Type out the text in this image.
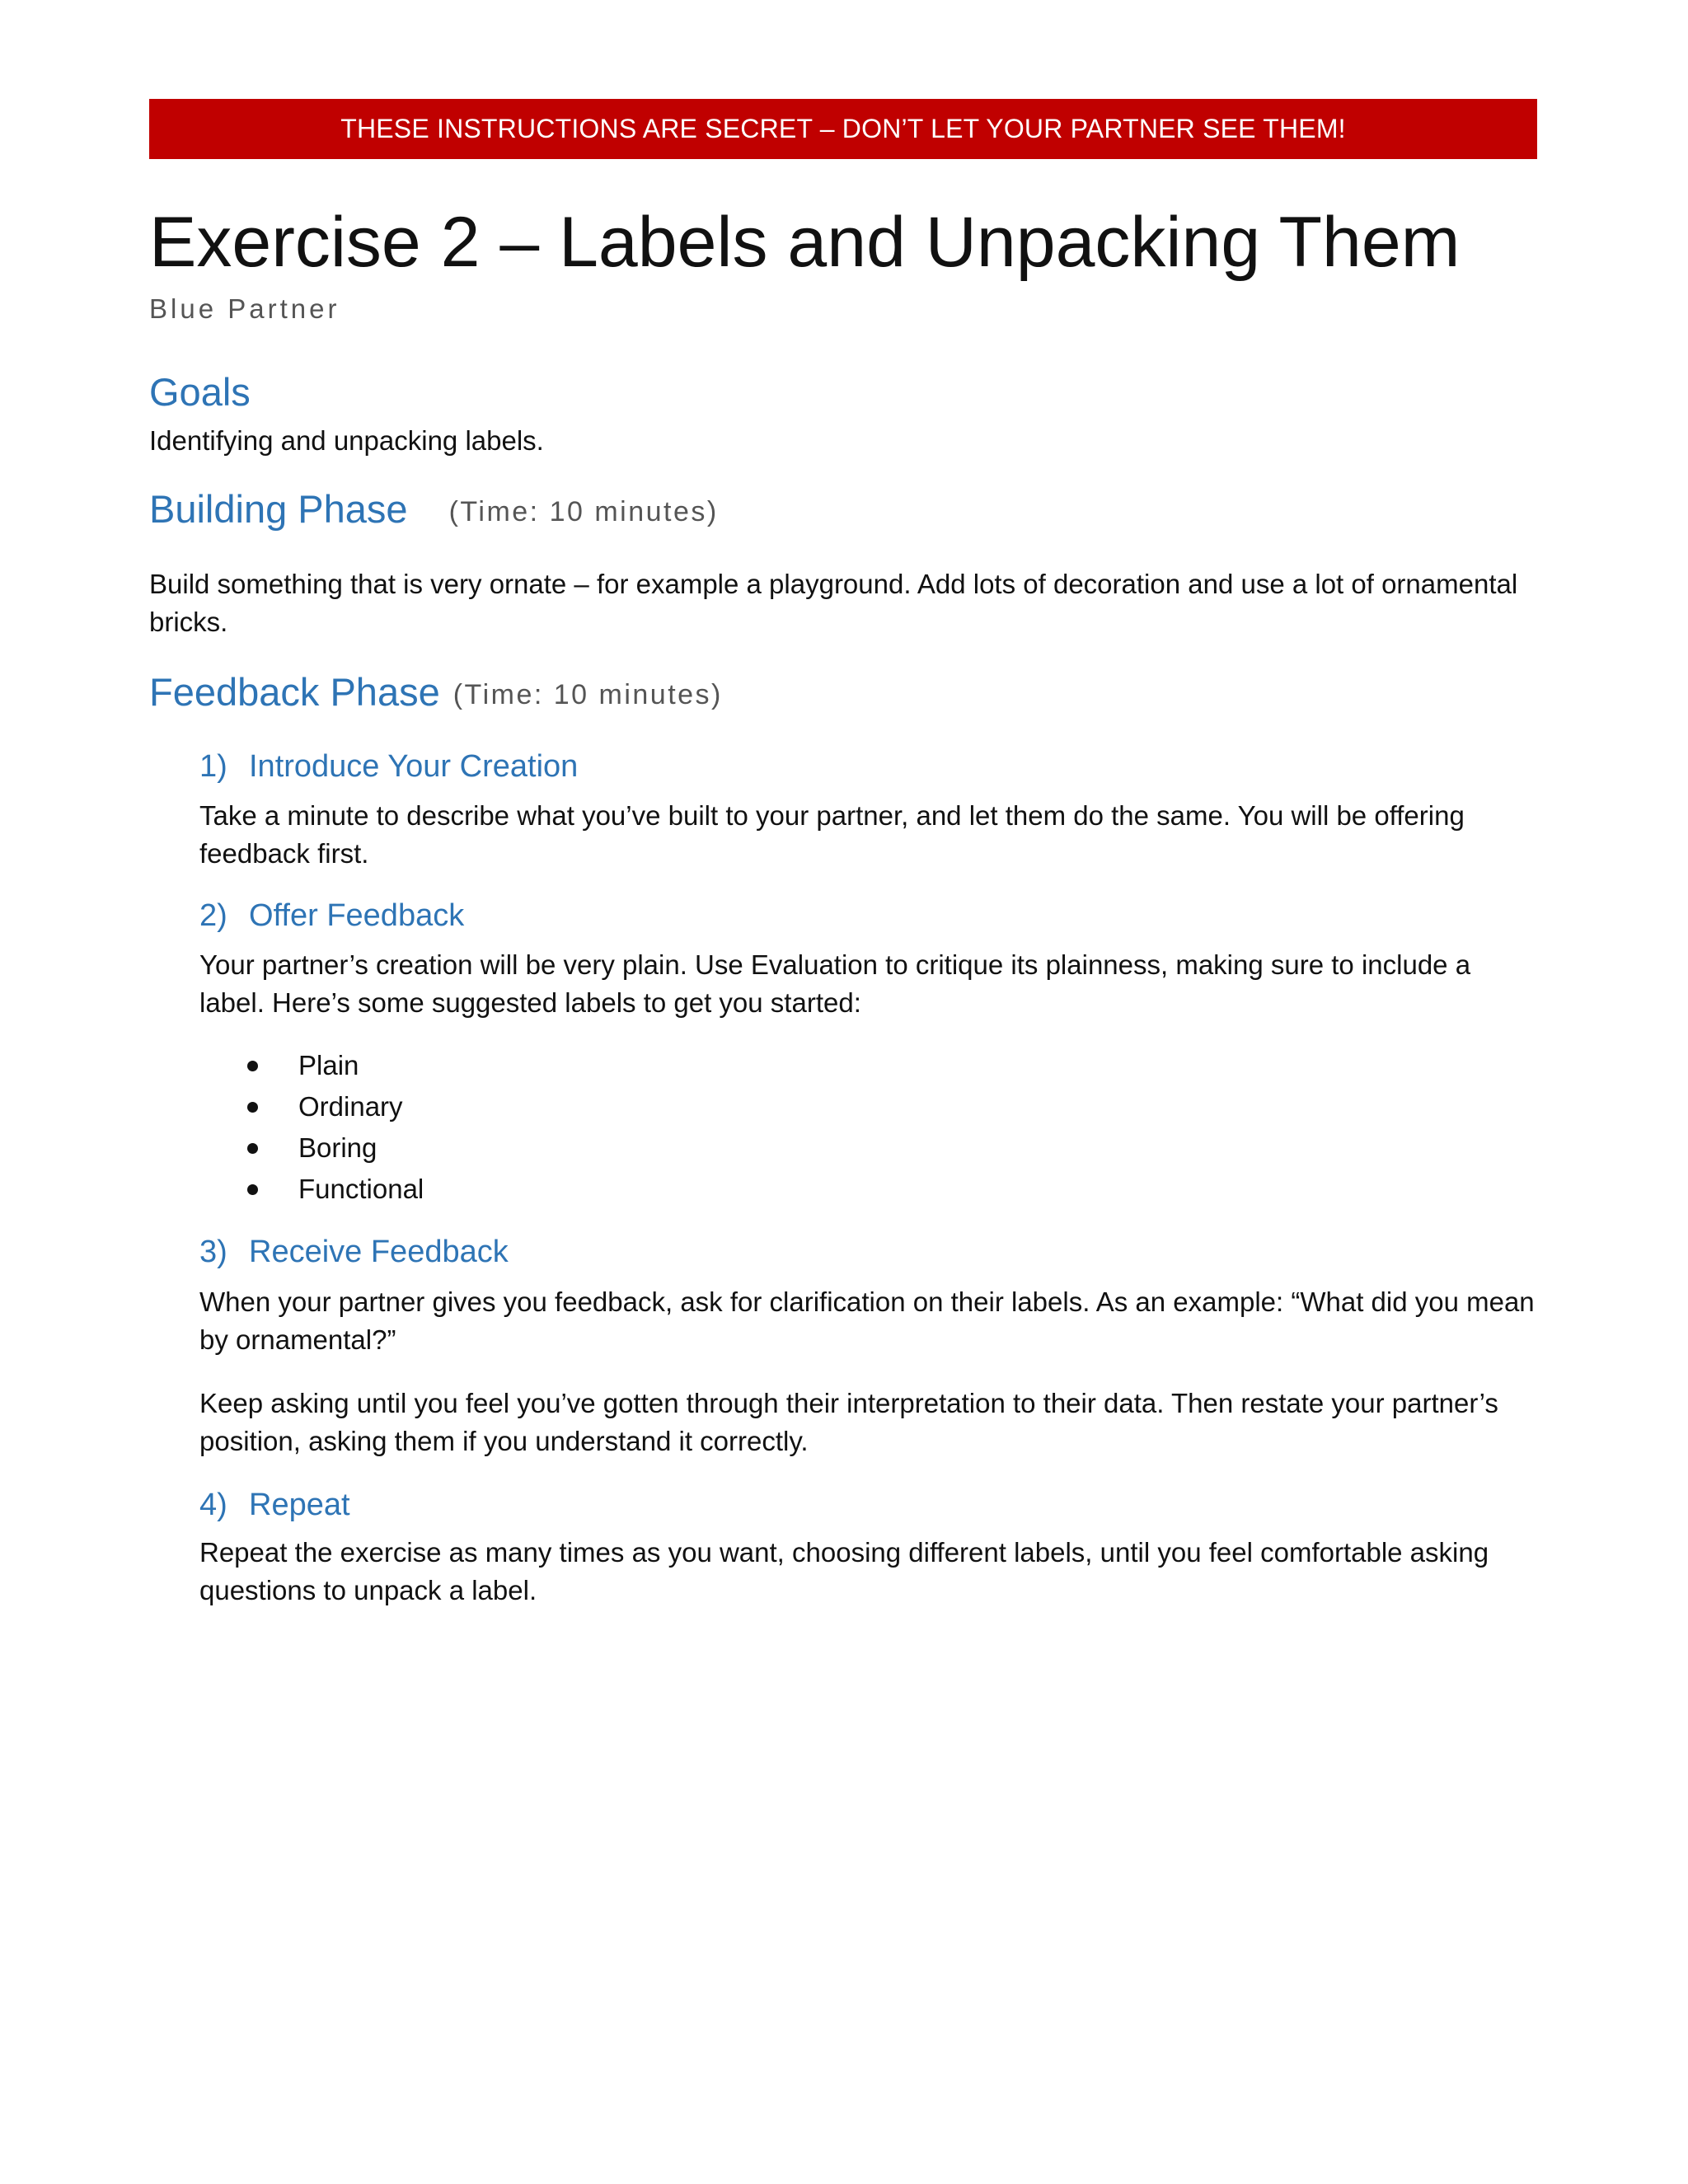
THESE INSTRUCTIONS ARE SECRET – DON’T LET YOUR PARTNER SEE THEM!
Exercise 2 – Labels and Unpacking Them
Blue Partner
Goals

Identifying and unpacking labels.

Building Phase (Time: 10 minutes)

Build something that is very ornate – for example a playground. Add lots of decoration and use a lot of ornamental bricks.

Feedback Phase (Time: 10 minutes)
1) Introduce Your Creation

Take a minute to describe what you’ve built to your partner, and let them do the same. You will be offering feedback first.

2) Offer Feedback

Your partner’s creation will be very plain. Use Evaluation to critique its plainness, making sure to include a label. Here’s some suggested labels to get you started:

Plain
Ordinary
Boring
Functional
3) Receive Feedback

When your partner gives you feedback, ask for clarification on their labels. As an example: “What did you mean by ornamental?”

Keep asking until you feel you’ve gotten through their interpretation to their data. Then restate your partner’s position, asking them if you understand it correctly.

4) Repeat

Repeat the exercise as many times as you want, choosing different labels, until you feel comfortable asking questions to unpack a label.
